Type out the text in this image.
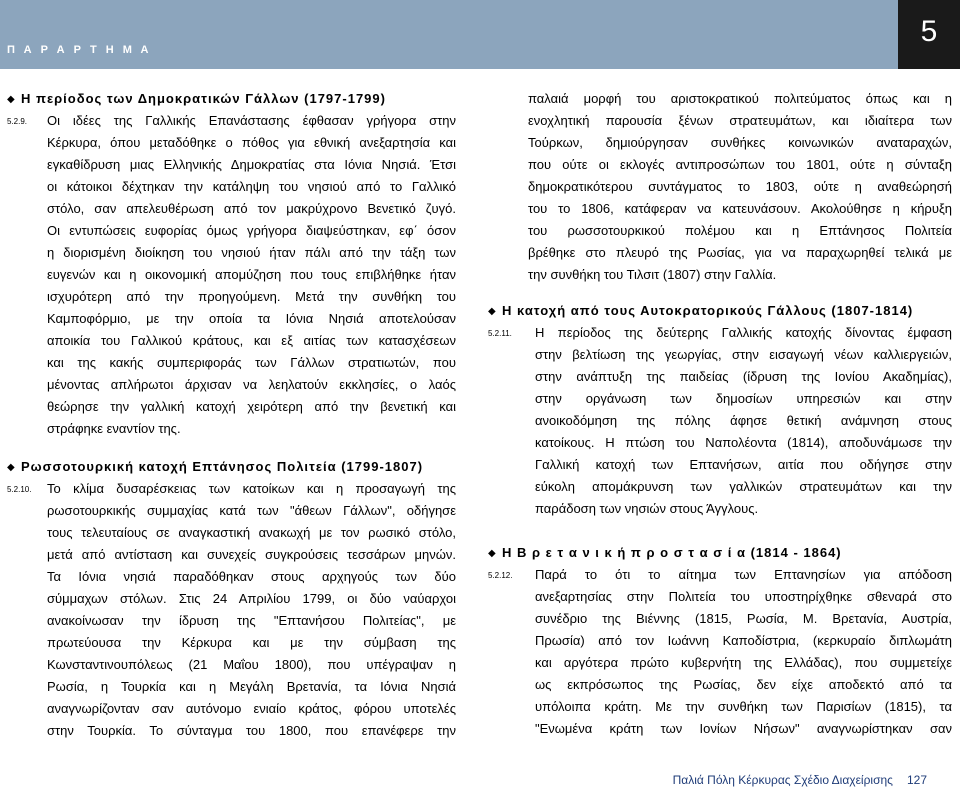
Π Α Ρ Α Ρ Τ Η Μ Α
5
◆ Η περίοδος των Δημοκρατικών Γάλλων (1797-1799)
5.2.9.	Οι ιδέες της Γαλλικής Επανάστασης έφθασαν γρήγορα στην
Κέρκυρα, όπου μεταδόθηκε ο πόθος για εθνική ανεξαρτησία και
εγκαθίδρυση μιας Ελληνικής Δημοκρατίας στα Ιόνια Νησιά. Έτσι
οι κάτοικοι δέχτηκαν την κατάληψη του νησιού από το Γαλλικό
στόλο, σαν απελευθέρωση από τον μακρύχρονο Βενετικό ζυγό.
Οι εντυπώσεις ευφορίας όμως γρήγορα διαψεύστηκαν, εφ΄ όσον
η διορισμένη διοίκηση του νησιού ήταν πάλι από την τάξη των
ευγενών και η οικονομική απομύζηση που τους επιβλήθηκε ήταν
ισχυρότερη από την προηγούμενη. Μετά την συνθήκη του
Καμποφόρμιο, με την οποία τα Ιόνια Νησιά αποτελούσαν
αποικία του Γαλλικού κράτους, και εξ αιτίας των κατασχέσεων
και της κακής συμπεριφοράς των Γάλλων στρατιωτών, που
μένοντας απλήρωτοι άρχισαν να λεηλατούν εκκλησίες, ο λαός
θεώρησε την γαλλική κατοχή χειρότερη από την βενετική και
στράφηκε εναντίον της.
◆ Ρωσσοτουρκική κατοχή Επτάνησος Πολιτεία (1799-1807)
5.2.10.	Το κλίμα δυσαρέσκειας των κατοίκων και η προσαγωγή της
ρωσοτουρκικής συμμαχίας κατά των "άθεων Γάλλων", οδήγησε
τους τελευταίους σε αναγκαστική ανακωχή με τον ρωσικό στόλο,
μετά από αντίσταση και συνεχείς συγκρούσεις τεσσάρων μηνών.
Τα Ιόνια νησιά παραδόθηκαν στους αρχηγούς των δύο
σύμμαχων στόλων. Στις 24 Απριλίου 1799, οι δύο ναύαρχοι
ανακοίνωσαν την ίδρυση της "Επτανήσου Πολιτείας", με
πρωτεύουσα την Κέρκυρα και με την σύμβαση της
Κωνσταντινουπόλεως (21 Μαΐου 1800), που υπέγραψαν η
Ρωσία, η Τουρκία και η Μεγάλη Βρετανία, τα Ιόνια Νησιά
αναγνωρίζονταν σαν αυτόνομο ενιαίο κράτος, φόρου υποτελές
στην Τουρκία. Το σύνταγμα του 1800, που επανέφερε την
παλαιά μορφή του αριστοκρατικού πολιτεύματος όπως και η
ενοχλητική παρουσία ξένων στρατευμάτων, και ιδιαίτερα των
Τούρκων, δημιούργησαν συνθήκες κοινωνικών αναταραχών,
που ούτε οι εκλογές αντιπροσώπων του 1801, ούτε η σύνταξη
δημοκρατικότερου συντάγματος το 1803, ούτε η αναθεώρησή
του το 1806, κατάφεραν να κατευνάσουν. Ακολούθησε η κήρυξη
του ρωσσοτουρκικού πολέμου και η Επτάνησος Πολιτεία
βρέθηκε στο πλευρό της Ρωσίας, για να παραχωρηθεί τελικά με
την συνθήκη του Τιλσιτ (1807) στην Γαλλία.
◆ Η κατοχή από τους Αυτοκρατορικούς Γάλλους (1807-1814)
5.2.11.	Η περίοδος της δεύτερης Γαλλικής κατοχής δίνοντας έμφαση
στην βελτίωση της γεωργίας, στην εισαγωγή νέων καλλιεργειών,
στην ανάπτυξη της παιδείας (ίδρυση της Ιονίου Ακαδημίας),
στην οργάνωση των δημοσίων υπηρεσιών και στην
ανοικοδόμηση της πόλης άφησε θετική ανάμνηση στους
κατοίκους. Η πτώση του Ναπολέοντα (1814), αποδυνάμωσε την
Γαλλική κατοχή των Επτανήσων, αιτία που οδήγησε στην
εύκολη απομάκρυνση των γαλλικών στρατευμάτων και την
παράδοση των νησιών στους Άγγλους.
◆ Η Β ρ ε τ α ν ι κ ή π ρ ο σ τ α σ ί α (1814 - 1864)
5.2.12.	Παρά το ότι το αίτημα των Επτανησίων για απόδοση
ανεξαρτησίας στην Πολιτεία του υποστηρίχθηκε σθεναρά στο
συνέδριο της Βιέννης (1815, Ρωσία, Μ. Βρετανία, Αυστρία,
Πρωσία) από τον Ιωάννη Καποδίστρια, (κερκυραίο διπλωμάτη
και αργότερα πρώτο κυβερνήτη της Ελλάδας), που συμμετείχε
ως εκπρόσωπος της Ρωσίας, δεν είχε αποδεκτό από τα
υπόλοιπα κράτη. Με την συνθήκη των Παρισίων (1815), τα
"Ενωμένα κράτη των Ιονίων Νήσων" αναγνωρίστηκαν σαν
Παλιά Πόλη Κέρκυρας Σχέδιο Διαχείρισης 127
